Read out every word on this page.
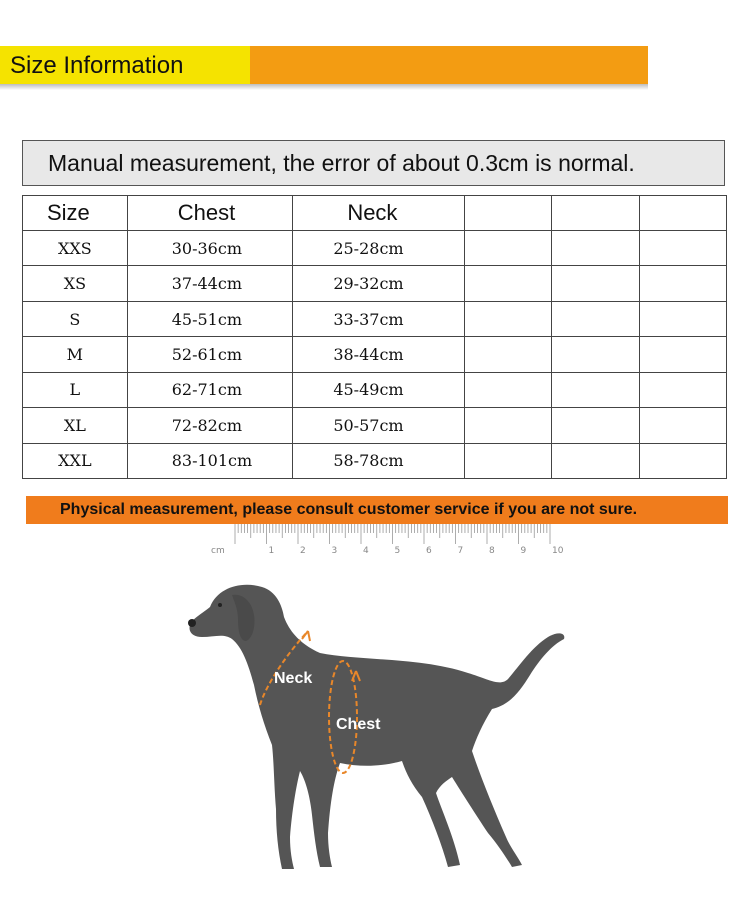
Size Information
Manual measurement, the error of about 0.3cm is normal.
Size	Chest	Neck			
XXS	30-36cm	25-28cm			
XS	37-44cm	29-32cm			
S	45-51cm	33-37cm			
M	52-61cm	38-44cm			
L	62-71cm	45-49cm			
XL	72-82cm	50-57cm			
XXL	83-101cm	58-78cm			
Physical measurement, please consult customer service if you are not sure.
cm	1	2	3	4	5	6	7	8	9	10
Neck
Chest
